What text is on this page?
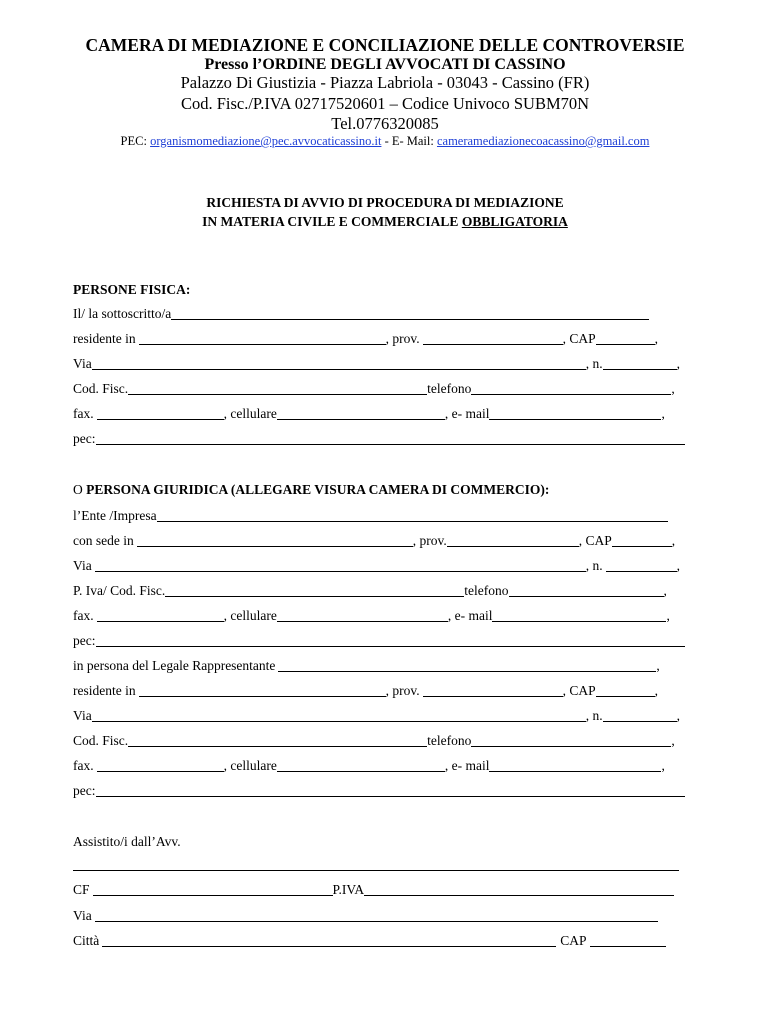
CAMERA DI MEDIAZIONE E CONCILIAZIONE DELLE CONTROVERSIE
Presso l’ORDINE DEGLI AVVOCATI DI CASSINO
Palazzo Di Giustizia - Piazza Labriola - 03043 - Cassino (FR)
Cod. Fisc./P.IVA 02717520601 – Codice Univoco SUBM70N
Tel.0776320085
PEC: organismomediazione@pec.avvocaticassino.it - E- Mail: cameramediazionecoacassino@gmail.com
RICHIESTA DI AVVIO DI PROCEDURA DI MEDIAZIONE
IN MATERIA CIVILE E COMMERCIALE OBBLIGATORIA
PERSONE FISICA:
Il/ la sottoscritto/a
residente in	, prov.	, CAP	,
Via	, n.	,
Cod. Fisc.	telefono	,
fax.	, cellulare	, e- mail	,
pec:
O PERSONA GIURIDICA (ALLEGARE VISURA CAMERA DI COMMERCIO):
l’Ente /Impresa
con sede in	, prov.	, CAP	,
Via	, n.	,
P. Iva/ Cod. Fisc.	telefono	,
fax.	, cellulare	, e- mail	,
pec:
in persona del Legale Rappresentante	,
residente in	, prov.	, CAP	,
Via	, n.	,
Cod. Fisc.	telefono	,
fax.	, cellulare	, e- mail	,
pec:
Assistito/i dall’Avv.
CF	P.IVA
Via
Città	CAP
